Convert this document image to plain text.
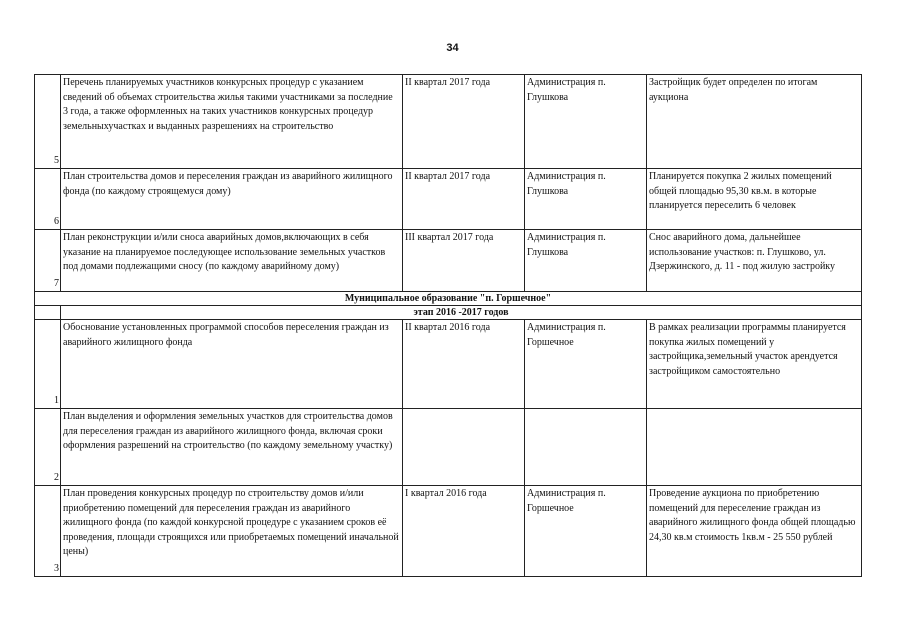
34
5	Перечень планируемых участников конкурсных процедур с указанием сведений об объемах строительства жилья такими участниками за последние 3 года, а также оформленных на таких участников конкурсных процедур земельныхучастках и выданных разрешениях на строительство	II квартал 2017 года	Администрация п. Глушкова	Застройщик будет определен по итогам аукциона
6	План строительства домов и переселения граждан из аварийного жилищного фонда (по каждому строящемуся дому)	II квартал 2017 года	Администрация п. Глушкова	Планируется покупка 2 жилых помещений общей площадью 95,30 кв.м. в которые планируется переселить 6 человек
7	План реконструкции и/или сноса аварийных домов,включающих в себя указание на планируемое последующее использование земельных участков под домами подлежащими сносу (по каждому аварийному дому)	III квартал 2017 года	Администрация п. Глушкова	Снос аварийного дома, дальнейшее использование участков: п. Глушково, ул. Дзержинского, д. 11 - под жилую застройку
Муниципальное образование "п. Горшечное"				
	этап 2016 -2017 годов			
1	Обоснование установленных программой способов переселения граждан из аварийного жилищного фонда	II квартал 2016 года	Администрация п. Горшечное	В рамках реализации программы планируется покупка жилых помещений у застройщика,земельный участок арендуется застройщиком самостоятельно
2	План выделения и оформления земельных участков для строительства домов для переселения граждан из аварийного жилищного фонда, включая сроки оформления разрешений на строительство (по каждому земельному участку)			
3	План проведения конкурсных процедур по строительству домов и/или приобретению помещений для переселения граждан из аварийного жилищного фонда (по каждой конкурсной процедуре с указанием сроков её проведения, площади строящихся или приобретаемых помещений иначальной цены)	I квартал 2016 года	Администрация п. Горшечное	Проведение аукциона по приобретению помещений для переселение граждан из аварийного жилищного фонда общей площадью 24,30 кв.м стоимость 1кв.м - 25 550 рублей
